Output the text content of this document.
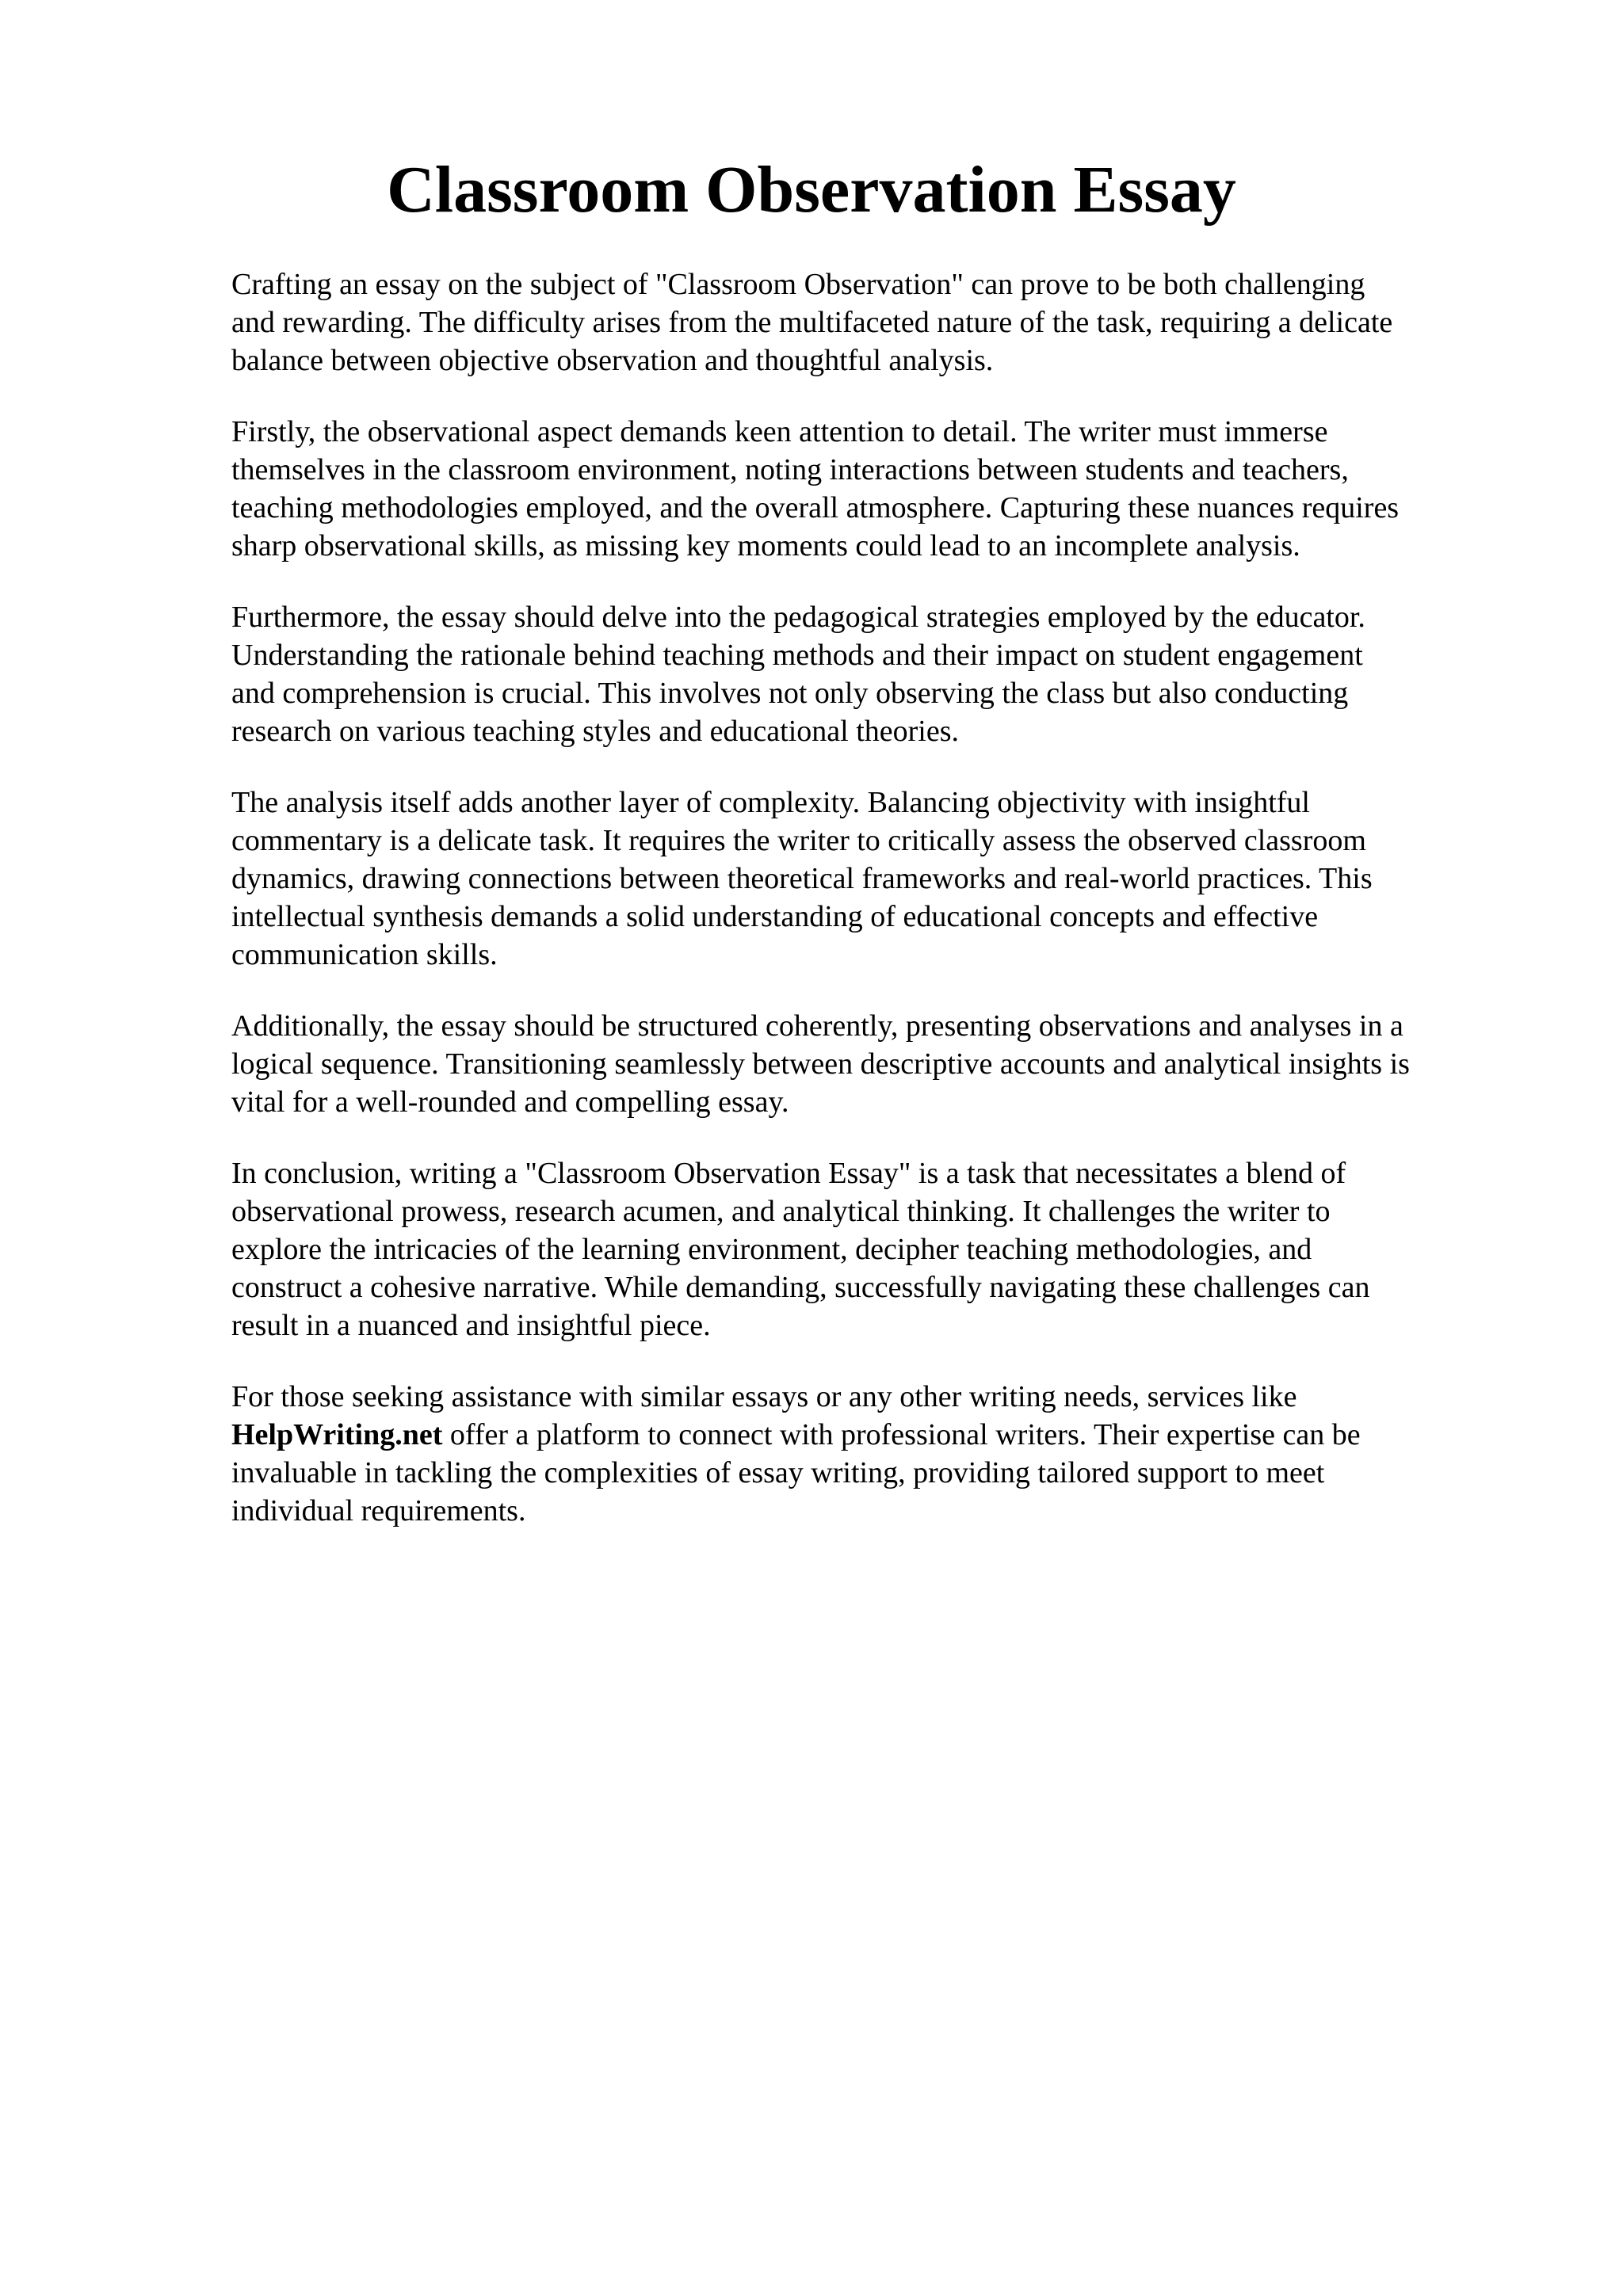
Classroom Observation Essay

Crafting an essay on the subject of "Classroom Observation" can prove to be both challenging
and rewarding. The difficulty arises from the multifaceted nature of the task, requiring a delicate
balance between objective observation and thoughtful analysis.

Firstly, the observational aspect demands keen attention to detail. The writer must immerse
themselves in the classroom environment, noting interactions between students and teachers,
teaching methodologies employed, and the overall atmosphere. Capturing these nuances requires
sharp observational skills, as missing key moments could lead to an incomplete analysis.

Furthermore, the essay should delve into the pedagogical strategies employed by the educator.
Understanding the rationale behind teaching methods and their impact on student engagement
and comprehension is crucial. This involves not only observing the class but also conducting
research on various teaching styles and educational theories.

The analysis itself adds another layer of complexity. Balancing objectivity with insightful
commentary is a delicate task. It requires the writer to critically assess the observed classroom
dynamics, drawing connections between theoretical frameworks and real-world practices. This
intellectual synthesis demands a solid understanding of educational concepts and effective
communication skills.

Additionally, the essay should be structured coherently, presenting observations and analyses in a
logical sequence. Transitioning seamlessly between descriptive accounts and analytical insights is
vital for a well-rounded and compelling essay.

In conclusion, writing a "Classroom Observation Essay" is a task that necessitates a blend of
observational prowess, research acumen, and analytical thinking. It challenges the writer to
explore the intricacies of the learning environment, decipher teaching methodologies, and
construct a cohesive narrative. While demanding, successfully navigating these challenges can
result in a nuanced and insightful piece.

For those seeking assistance with similar essays or any other writing needs, services like
HelpWriting.net offer a platform to connect with professional writers. Their expertise can be
invaluable in tackling the complexities of essay writing, providing tailored support to meet
individual requirements.
